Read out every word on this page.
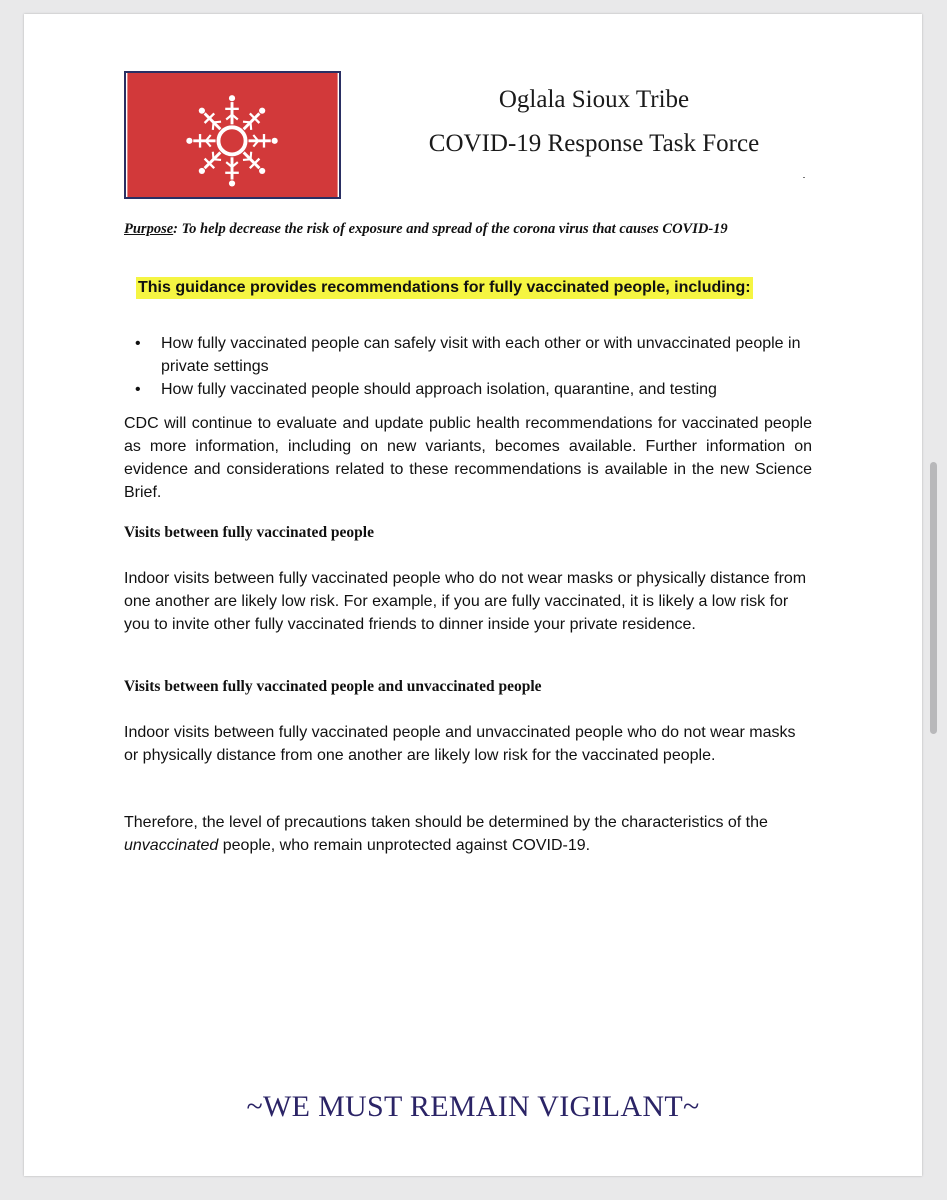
Oglala Sioux Tribe
COVID-19 Response Task Force
Purpose: To help decrease the risk of exposure and spread of the corona virus that causes COVID-19
This guidance provides recommendations for fully vaccinated people, including:
• How fully vaccinated people can safely visit with each other or with unvaccinated people in private settings
• How fully vaccinated people should approach isolation, quarantine, and testing
CDC will continue to evaluate and update public health recommendations for vaccinated people as more information, including on new variants, becomes available. Further information on evidence and considerations related to these recommendations is available in the new Science Brief.
Visits between fully vaccinated people
Indoor visits between fully vaccinated people who do not wear masks or physically distance from one another are likely low risk. For example, if you are fully vaccinated, it is likely a low risk for you to invite other fully vaccinated friends to dinner inside your private residence.
Visits between fully vaccinated people and unvaccinated people
Indoor visits between fully vaccinated people and unvaccinated people who do not wear masks or physically distance from one another are likely low risk for the vaccinated people.
Therefore, the level of precautions taken should be determined by the characteristics of the unvaccinated people, who remain unprotected against COVID-19.
~WE MUST REMAIN VIGILANT~
